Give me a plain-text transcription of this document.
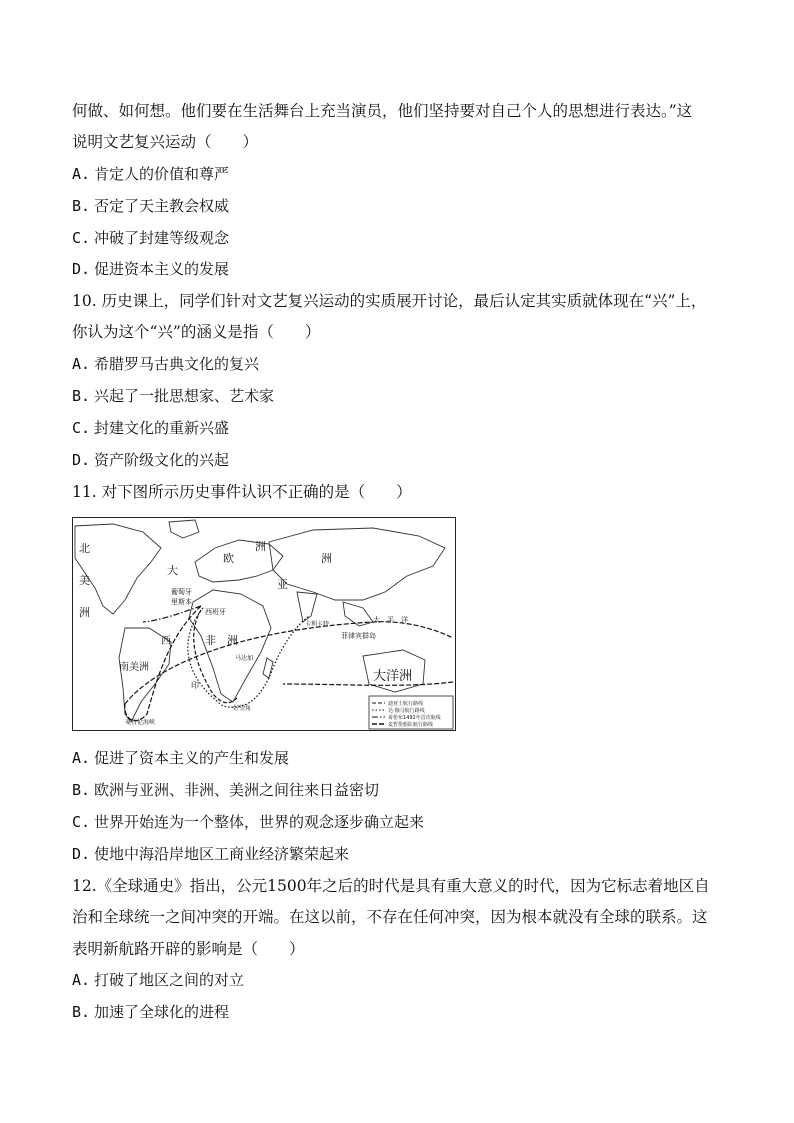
何做、如何想。他们要在生活舞台上充当演员，他们坚持要对自己个人的思想进行表达。”这
说明文艺复兴运动（　　）
A. 肯定人的价值和尊严
B. 否定了天主教会权威
C. 冲破了封建等级观念
D. 促进资本主义的发展
10. 历史课上，同学们针对文艺复兴运动的实质展开讨论，最后认定其实质就体现在“兴”上，
你认为这个“兴”的涵义是指（　　）
A. 希腊罗马古典文化的复兴
B. 兴起了一批思想家、艺术家
C. 封建文化的重新兴盛
D. 资产阶级文化的兴起
11. 对下图所示历史事件认识不正确的是（　　）
北
美
洲
大
欧
洲
葡萄牙
里斯本
西班牙
亚
洲
非　洲
西
南美洲
菲律宾群岛
太　平　洋
大洋洲
马达加
好望角
麦哲伦海峡
印
卡利卡特
迪亚士航行路线
达·伽马航行路线
哥伦布1492年首次航线
麦哲伦船队航行路线
A. 促进了资本主义的产生和发展
B. 欧洲与亚洲、非洲、美洲之间往来日益密切
C. 世界开始连为一个整体，世界的观念逐步确立起来
D. 使地中海沿岸地区工商业经济繁荣起来
12.《全球通史》指出，公元1500年之后的时代是具有重大意义的时代，因为它标志着地区自
治和全球统一之间冲突的开端。在这以前，不存在任何冲突，因为根本就没有全球的联系。这
表明新航路开辟的影响是（　　）
A. 打破了地区之间的对立
B. 加速了全球化的进程
